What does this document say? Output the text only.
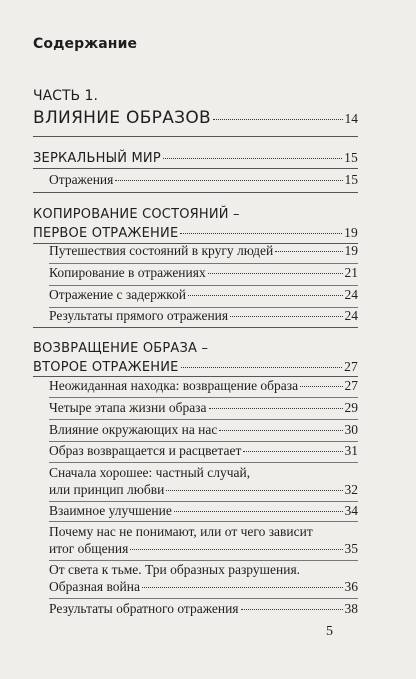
Содержание
ЧАСТЬ 1.
ВЛИЯНИЕ ОБРАЗОВ	14
ЗЕРКАЛЬНЫЙ МИР	15
Отражения	15
КОПИРОВАНИЕ СОСТОЯНИЙ –
ПЕРВОЕ ОТРАЖЕНИЕ	19
Путешествия состояний в кругу людей	19
Копирование в отражениях	21
Отражение с задержкой	24
Результаты прямого отражения	24
ВОЗВРАЩЕНИЕ ОБРАЗА –
ВТОРОЕ ОТРАЖЕНИЕ	27
Неожиданная находка: возвращение образа	27
Четыре этапа жизни образа	29
Влияние окружающих на нас	30
Образ возвращается и расцветает	31
Сначала хорошее: частный случай,
или принцип любви	32
Взаимное улучшение	34
Почему нас не понимают, или от чего зависит
итог общения	35
От света к тьме. Три образных разрушения.
Образная война	36
Результаты обратного отражения	38
5
